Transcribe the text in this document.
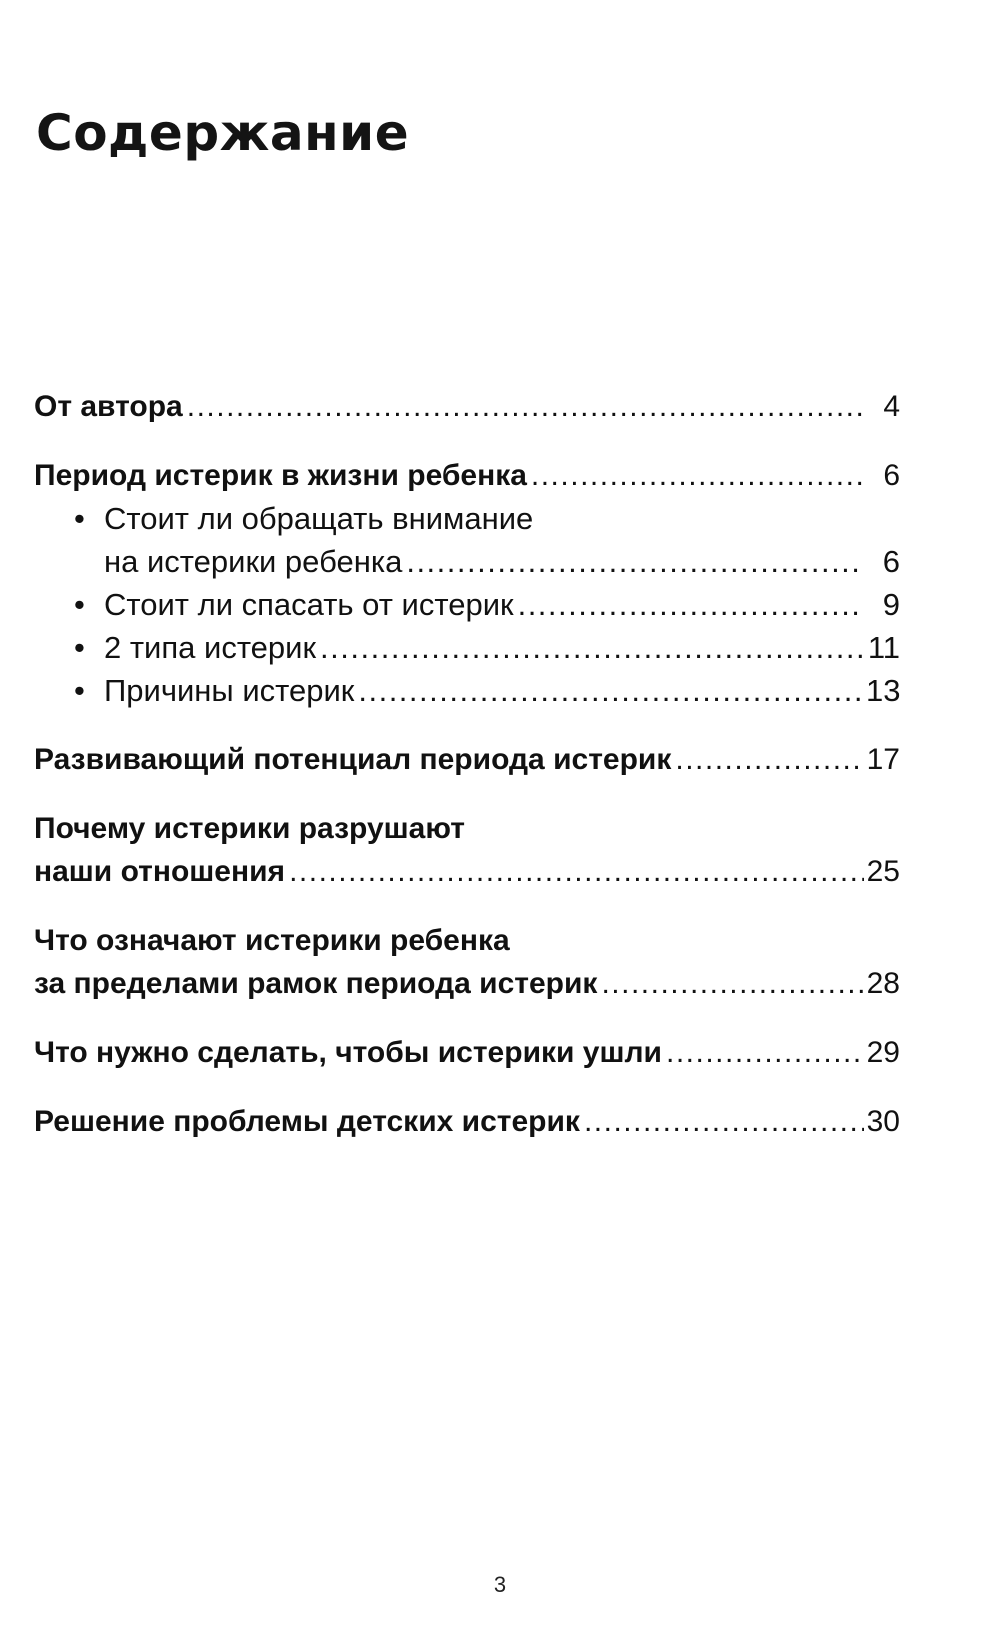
Содержание
От автора .....	4
Период истерик в жизни ребенка .....	6
• Стоит ли обращать внимание
на истерики ребенка .....	6
• Стоит ли спасать от истерик .....	9
• 2 типа истерик .....	11
• Причины истерик .....	13
Развивающий потенциал периода истерик .....	17
Почему истерики разрушают
наши отношения .....	25
Что означают истерики ребенка
за пределами рамок периода истерик .....	28
Что нужно сделать, чтобы истерики ушли .....	29
Решение проблемы детских истерик .....	30
3
